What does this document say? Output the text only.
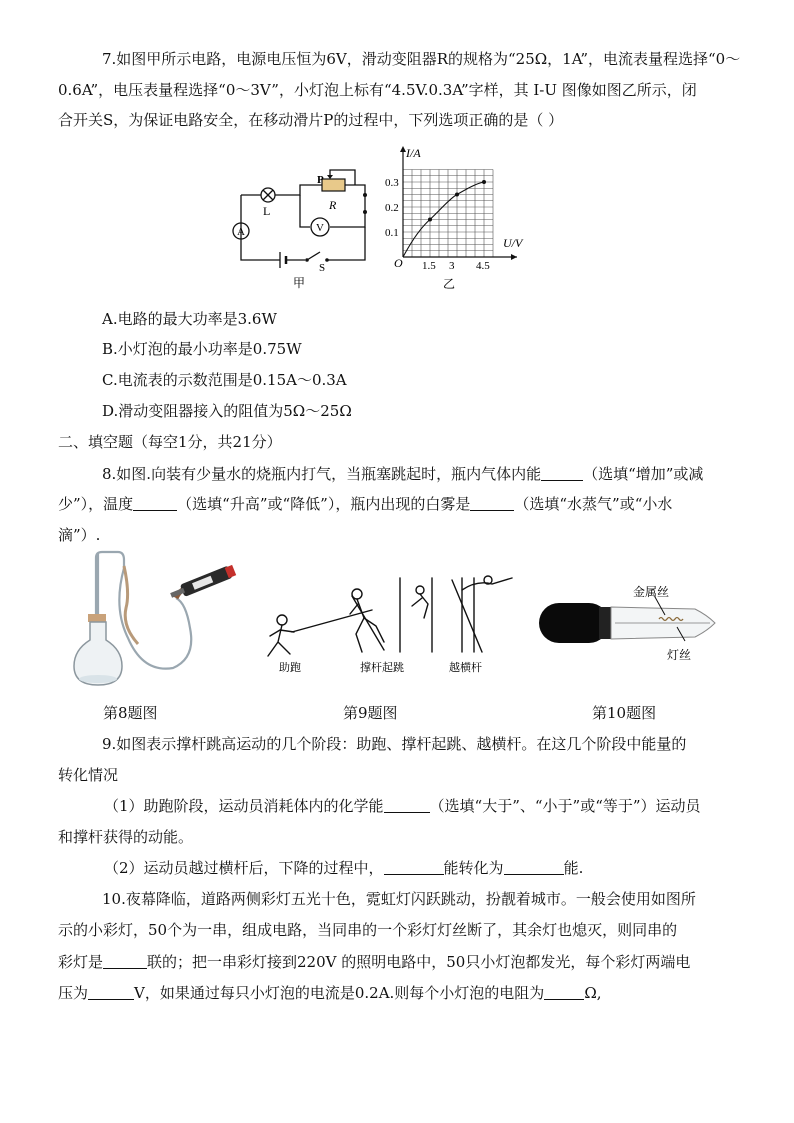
7.如图甲所示电路，电源电压恒为6V，滑动变阻器R的规格为“25Ω，1A”，电流表量程选择“0～
0.6A”，电压表量程选择“0～3V”，小灯泡上标有“4.5V.0.3A”字样，其 I-U 图像如图乙所示，闭
合开关S，为保证电路安全，在移动滑片P的过程中，下列选项正确的是（ ）
L
P
R
A	V
S
甲
1.5 3 4.5
0.1
0.2
0.3
I/A
U/V
O
乙
A.电路的最大功率是3.6W
B.小灯泡的最小功率是0.75W
C.电流表的示数范围是0.15A～0.3A
D.滑动变阻器接入的阻值为5Ω～25Ω
二、填空题（每空1分，共21分）
8.如图.向装有少量水的烧瓶内打气，当瓶塞跳起时，瓶内气体内能	（选填“增加”或减
少”），温度	（选填“升高”或“降低”），瓶内出现的白雾是	（选填“水蒸气”或“小水
滴”）.
助跑	撑杆起跳	越横杆
金属丝
灯丝
第8题图	第9题图	第10题图
9.如图表示撑杆跳高运动的几个阶段：助跑、撑杆起跳、越横杆。在这几个阶段中能量的
转化情况
（1）助跑阶段，运动员消耗体内的化学能	（选填“大于”、“小于”或“等于”）运动员
和撑杆获得的动能。
（2）运动员越过横杆后，下降的过程中，	能转化为	能.
10.夜幕降临，道路两侧彩灯五光十色，霓虹灯闪跃跳动，扮靓着城市。一般会使用如图所
示的小彩灯，50个为一串，组成电路，当同串的一个彩灯灯丝断了，其余灯也熄灭，则同串的
彩灯是	联的；把一串彩灯接到220V 的照明电路中，50只小灯泡都发光，每个彩灯两端电
压为	V，如果通过每只小灯泡的电流是0.2A.则每个小灯泡的电阻为	Ω,
